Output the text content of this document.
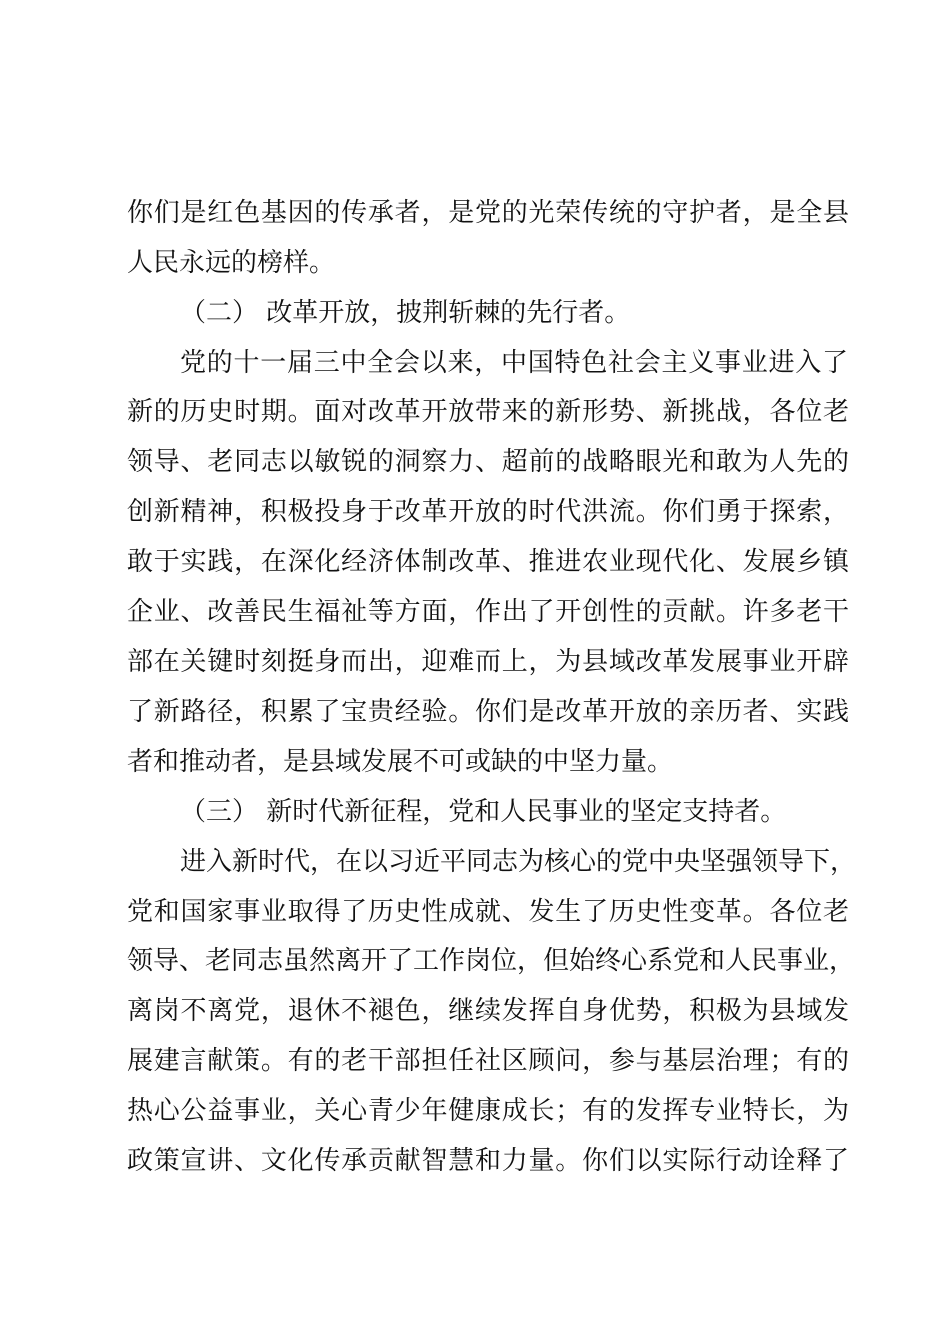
你们是红色基因的传承者，是党的光荣传统的守护者，是全县
人民永远的榜样。
（二） 改革开放，披荆斩棘的先行者。
党的十一届三中全会以来，中国特色社会主义事业进入了
新的历史时期。面对改革开放带来的新形势、新挑战，各位老
领导、老同志以敏锐的洞察力、超前的战略眼光和敢为人先的
创新精神，积极投身于改革开放的时代洪流。你们勇于探索，
敢于实践，在深化经济体制改革、推进农业现代化、发展乡镇
企业、改善民生福祉等方面，作出了开创性的贡献。许多老干
部在关键时刻挺身而出，迎难而上，为县域改革发展事业开辟
了新路径，积累了宝贵经验。你们是改革开放的亲历者、实践
者和推动者，是县域发展不可或缺的中坚力量。
（三） 新时代新征程，党和人民事业的坚定支持者。
进入新时代，在以习近平同志为核心的党中央坚强领导下，
党和国家事业取得了历史性成就、发生了历史性变革。各位老
领导、老同志虽然离开了工作岗位，但始终心系党和人民事业，
离岗不离党，退休不褪色，继续发挥自身优势，积极为县域发
展建言献策。有的老干部担任社区顾问，参与基层治理；有的
热心公益事业，关心青少年健康成长；有的发挥专业特长，为
政策宣讲、文化传承贡献智慧和力量。你们以实际行动诠释了
